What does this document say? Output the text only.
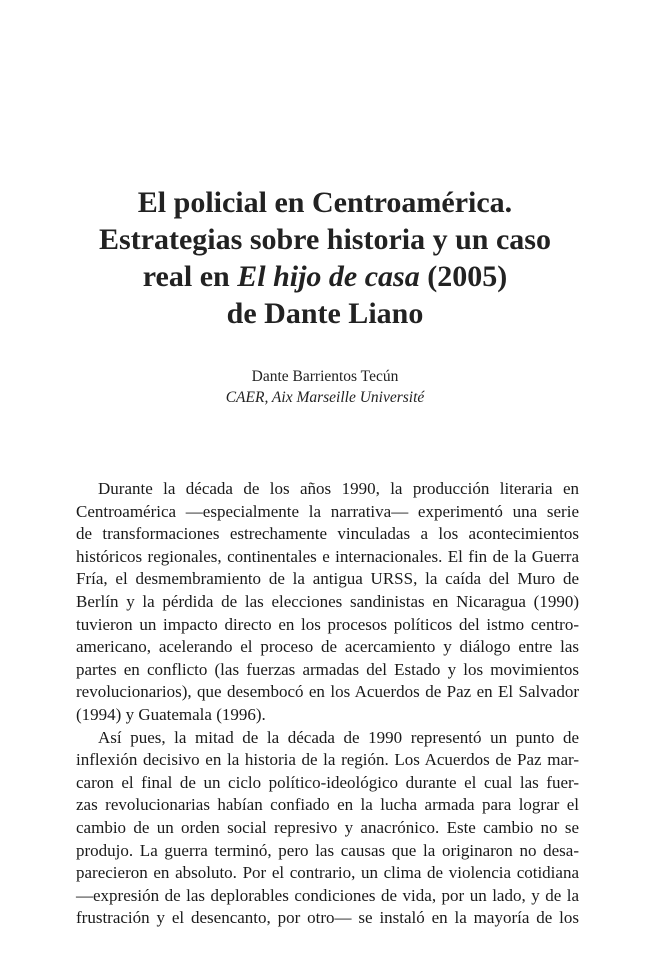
El policial en Centroamérica.
Estrategias sobre historia y un caso
real en El hijo de casa (2005)
de Dante Liano
Dante Barrientos Tecún
CAER, Aix Marseille Université
Durante la década de los años 1990, la producción literaria en
Centroamérica —especialmente la narrativa— experimentó una serie
de transformaciones estrechamente vinculadas a los acontecimientos
históricos regionales, continentales e internacionales. El fin de la Guerra
Fría, el desmembramiento de la antigua URSS, la caída del Muro de
Berlín y la pérdida de las elecciones sandinistas en Nicaragua (1990)
tuvieron un impacto directo en los procesos políticos del istmo centro-
americano, acelerando el proceso de acercamiento y diálogo entre las
partes en conflicto (las fuerzas armadas del Estado y los movimientos
revolucionarios), que desembocó en los Acuerdos de Paz en El Salvador
(1994) y Guatemala (1996).
Así pues, la mitad de la década de 1990 representó un punto de
inflexión decisivo en la historia de la región. Los Acuerdos de Paz mar-
caron el final de un ciclo político-ideológico durante el cual las fuer-
zas revolucionarias habían confiado en la lucha armada para lograr el
cambio de un orden social represivo y anacrónico. Este cambio no se
produjo. La guerra terminó, pero las causas que la originaron no desa-
parecieron en absoluto. Por el contrario, un clima de violencia cotidiana
—expresión de las deplorables condiciones de vida, por un lado, y de la
frustración y el desencanto, por otro— se instaló en la mayoría de los
